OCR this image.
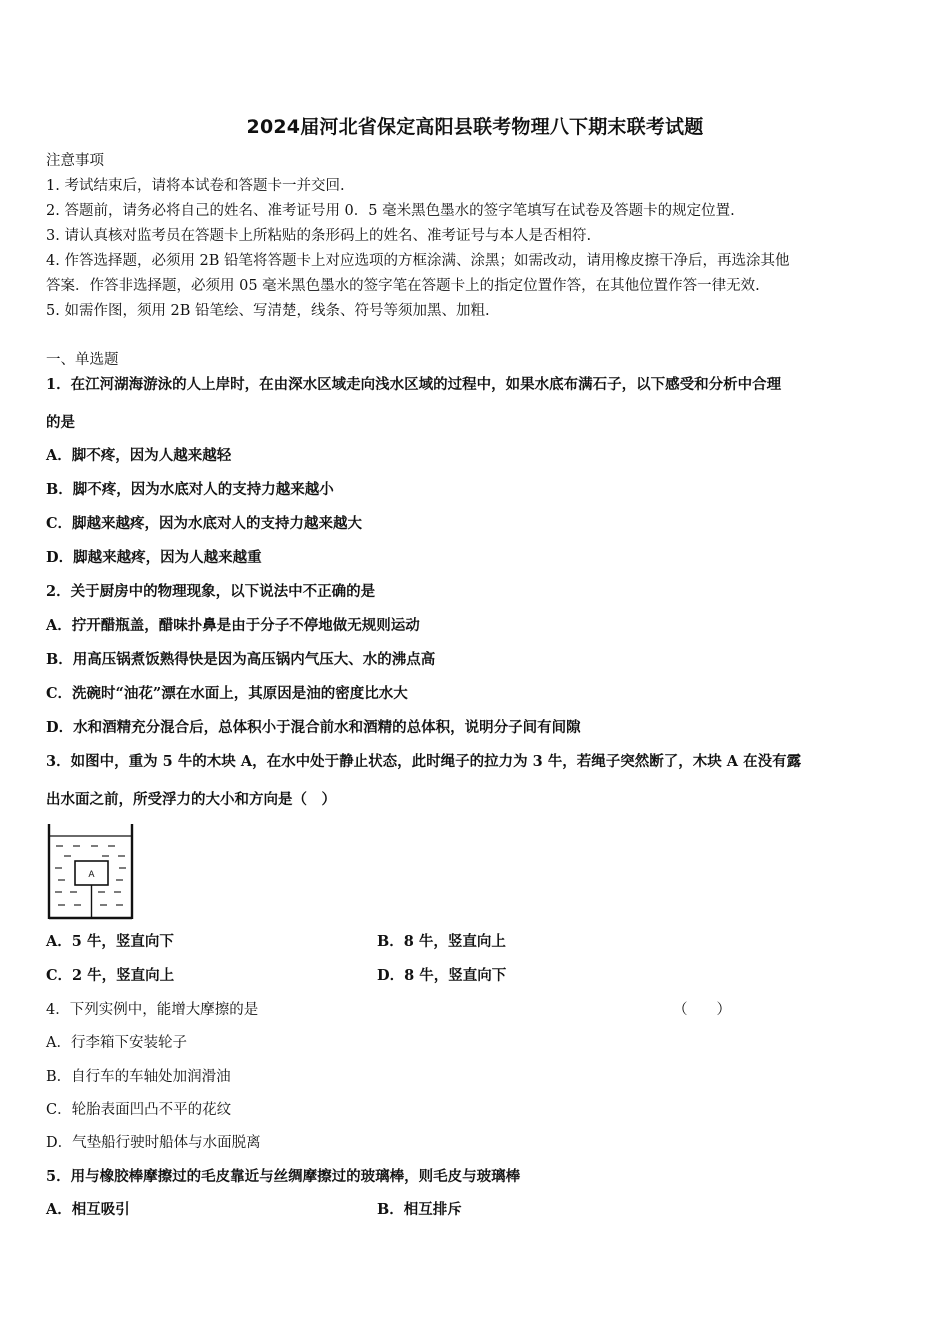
2024届河北省保定高阳县联考物理八下期末联考试题
注意事项
1. 考试结束后，请将本试卷和答题卡一并交回.
2. 答题前，请务必将自己的姓名、准考证号用 0．5 毫米黑色墨水的签字笔填写在试卷及答题卡的规定位置.
3. 请认真核对监考员在答题卡上所粘贴的条形码上的姓名、准考证号与本人是否相符.
4. 作答选择题，必须用 2B 铅笔将答题卡上对应选项的方框涂满、涂黑；如需改动，请用橡皮擦干净后，再选涂其他
答案．作答非选择题，必须用 05 毫米黑色墨水的签字笔在答题卡上的指定位置作答，在其他位置作答一律无效.
5. 如需作图，须用 2B 铅笔绘、写清楚，线条、符号等须加黑、加粗.
一、单选题
1．在江河湖海游泳的人上岸时，在由深水区域走向浅水区域的过程中，如果水底布满石子，以下感受和分析中合理
的是
A．脚不疼，因为人越来越轻
B．脚不疼，因为水底对人的支持力越来越小
C．脚越来越疼，因为水底对人的支持力越来越大
D．脚越来越疼，因为人越来越重
2．关于厨房中的物理现象，以下说法中不正确的是
A．拧开醋瓶盖，醋味扑鼻是由于分子不停地做无规则运动
B．用高压锅煮饭熟得快是因为高压锅内气压大、水的沸点高
C．洗碗时“油花”漂在水面上，其原因是油的密度比水大
D．水和酒精充分混合后，总体积小于混合前水和酒精的总体积，说明分子间有间隙
3．如图中，重为 5 牛的木块 A，在水中处于静止状态，此时绳子的拉力为 3 牛，若绳子突然断了，木块 A 在没有露
出水面之前，所受浮力的大小和方向是（　）
A
A．5 牛，竖直向下	B．8 牛，竖直向上
C．2 牛，竖直向上	D．8 牛，竖直向下
4．下列实例中，能增大摩擦的是	（　　）
A．行李箱下安装轮子
B．自行车的车轴处加润滑油
C．轮胎表面凹凸不平的花纹
D．气垫船行驶时船体与水面脱离
5．用与橡胶棒摩擦过的毛皮靠近与丝绸摩擦过的玻璃棒，则毛皮与玻璃棒
A．相互吸引	B．相互排斥
